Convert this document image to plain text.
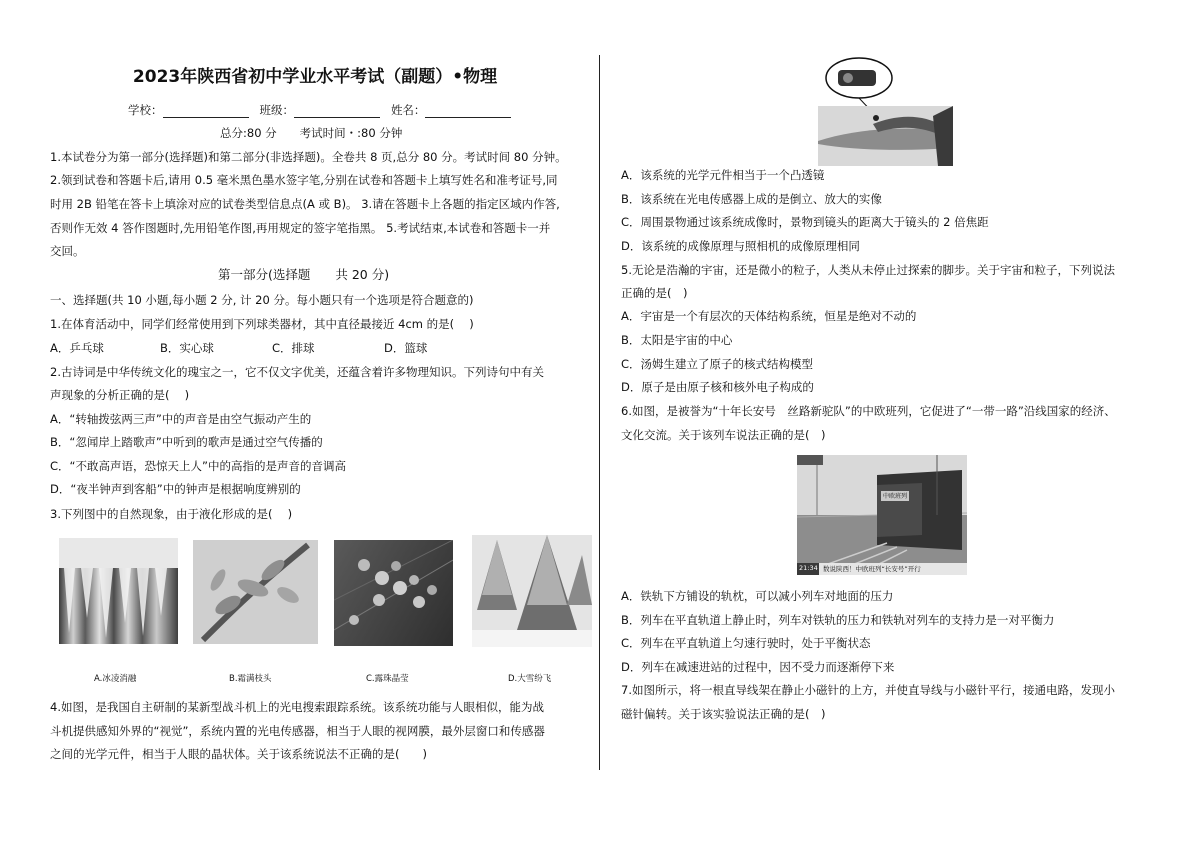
2023年陕西省初中学业水平考试（副题）•物理
学校：	班级：	姓名：
总分:80 分　　考试时间・:80 分钟
1.本试卷分为第一部分(选择题)和第二部分(非选择题)。全卷共 8 页,总分 80 分。考试时间 80 分钟。
2.领到试卷和答题卡后,请用 0.5 毫米黑色墨水签字笔,分别在试卷和答题卡上填写姓名和准考证号,同
时用 2B 铅笔在答卡上填涂对应的试卷类型信息点(A 或 B)。 3.请在答题卡上各题的指定区域内作答,
否则作无效 4 答作图题时,先用铅笔作图,再用规定的签字笔指黑。 5.考试结束,本试卷和答题卡一并
交回。
第一部分(选择题　　共 20 分)
一、选择题(共 10 小题,每小题 2 分, 计 20 分。每小题只有一个选项是符合题意的)
1.在体育活动中，同学们经常使用到下列球类器材，其中直径最接近 4cm 的是(　 )
A．乒乓球	B．实心球	C．排球	D．篮球
2.古诗词是中华传统文化的瑰宝之一，它不仅文字优美，还蕴含着许多物理知识。下列诗句中有关
声现象的分析正确的是(　 )
A．“转轴拨弦两三声”中的声音是由空气振动产生的
B．“忽闻岸上踏歌声”中听到的歌声是通过空气传播的
C．“不敢高声语，恐惊天上人”中的高指的是声音的音调高
D．“夜半钟声到客船”中的钟声是根据响度辨别的
3.下列图中的自然现象，由于液化形成的是(　 )
A.冰凌消融	B.霜满枝头	C.露珠晶莹	D.大雪纷飞
4.如图，是我国自主研制的某新型战斗机上的光电搜索跟踪系统。该系统功能与人眼相似，能为战
斗机提供感知外界的“视觉”，系统内置的光电传感器，相当于人眼的视网膜，最外层窗口和传感器
之间的光学元件，相当于人眼的晶状体。关于该系统说法不正确的是(　　)
A．该系统的光学元件相当于一个凸透镜
B．该系统在光电传感器上成的是倒立、放大的实像
C．周围景物通过该系统成像时，景物到镜头的距离大于镜头的 2 倍焦距
D．该系统的成像原理与照相机的成像原理相同
5.无论是浩瀚的宇宙，还是微小的粒子，人类从未停止过探索的脚步。关于宇宙和粒子，下列说法
正确的是(　)
A．宇宙是一个有层次的天体结构系统，恒星是绝对不动的
B．太阳是宇宙的中心
C．汤姆生建立了原子的核式结构模型
D．原子是由原子核和核外电子构成的
6.如图，是被誉为“十年长安号　丝路新驼队”的中欧班列，它促进了“一带一路”沿线国家的经济、
文化交流。关于该列车说法正确的是(　)
中欧班列
21:34 数说陕西！中欧班列“长安号”开行
A．铁轨下方铺设的轨枕，可以减小列车对地面的压力
B．列车在平直轨道上静止时，列车对铁轨的压力和铁轨对列车的支持力是一对平衡力
C．列车在平直轨道上匀速行驶时，处于平衡状态
D．列车在减速进站的过程中，因不受力而逐渐停下来
7.如图所示，将一根直导线架在静止小磁针的上方，并使直导线与小磁针平行，接通电路，发现小
磁针偏转。关于该实验说法正确的是(　)
